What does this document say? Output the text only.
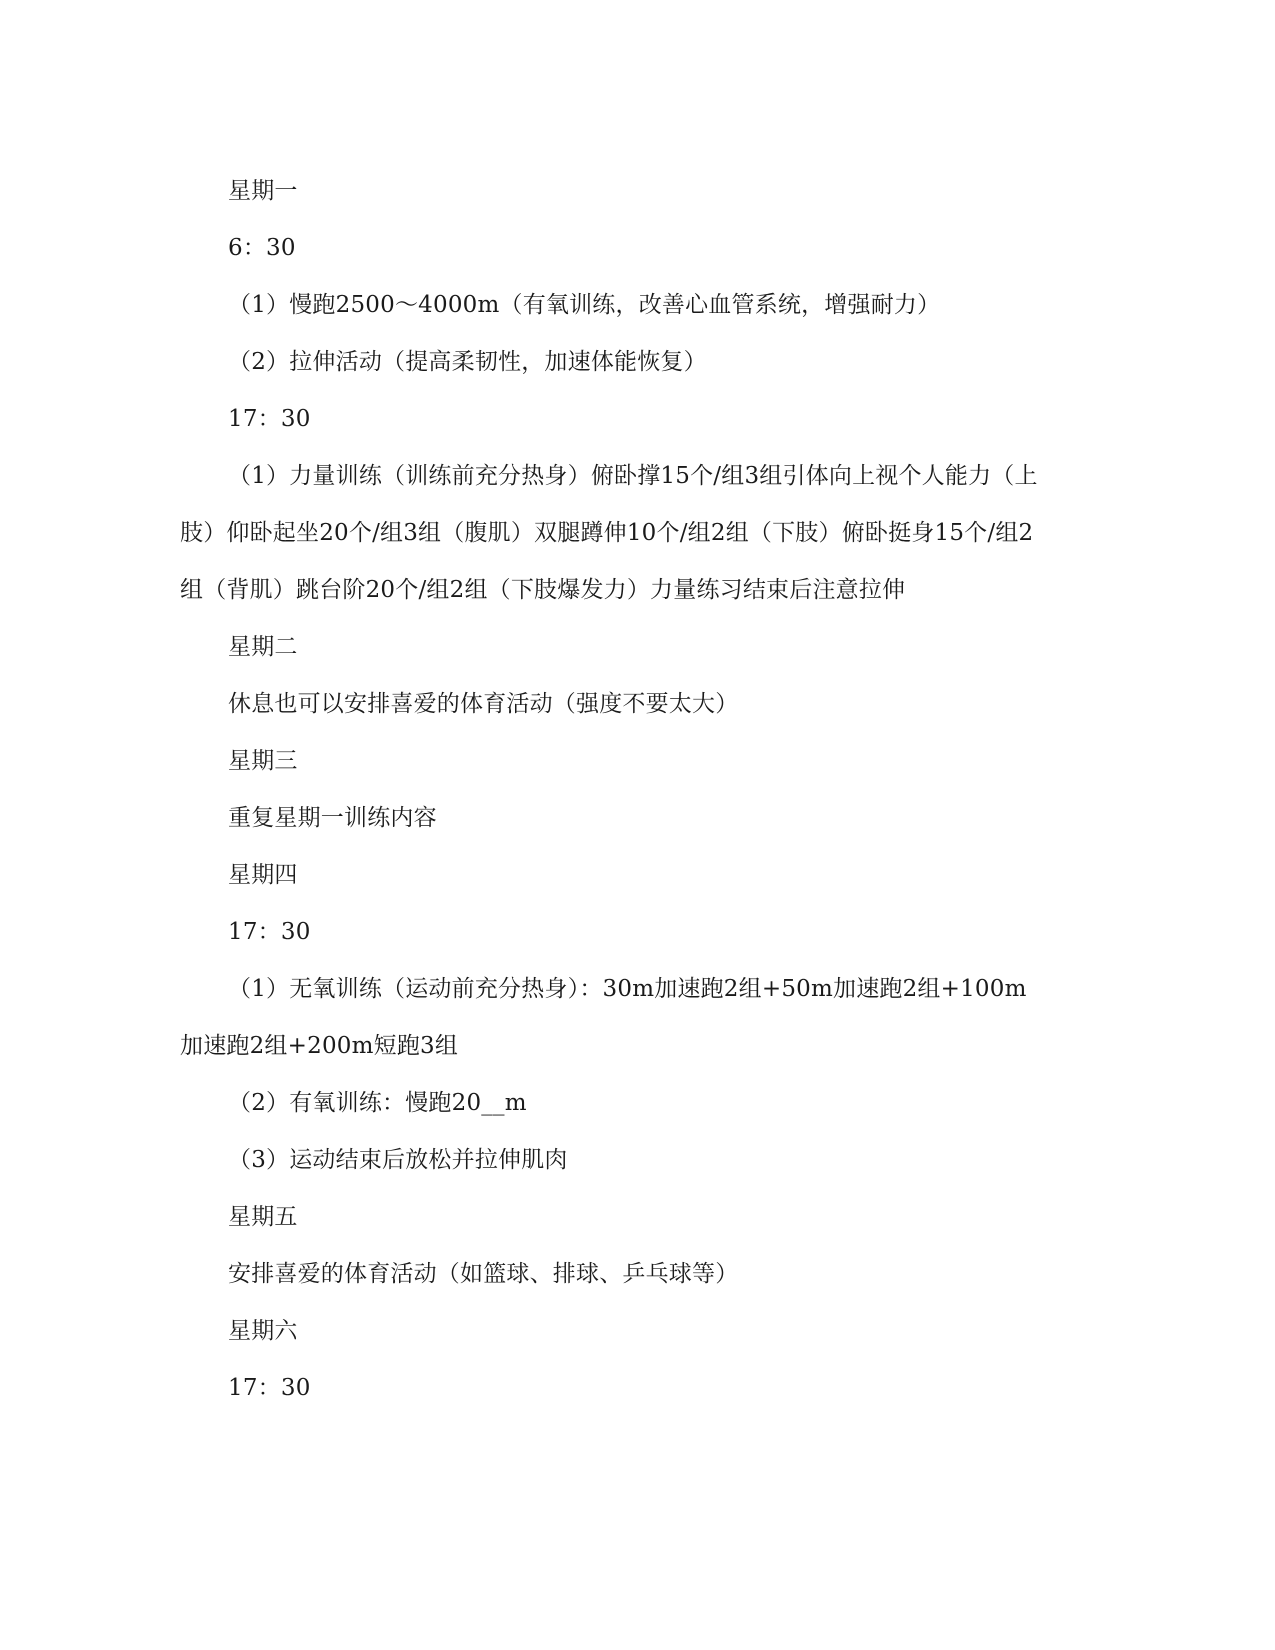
星期一

6：30

（1）慢跑2500～4000m（有氧训练，改善心血管系统，增强耐力）

（2）拉伸活动（提高柔韧性，加速体能恢复）

17：30

（1）力量训练（训练前充分热身）俯卧撑15个/组3组引体向上视个人能力（上肢）仰卧起坐20个/组3组（腹肌）双腿蹲伸10个/组2组（下肢）俯卧挺身15个/组2组（背肌）跳台阶20个/组2组（下肢爆发力）力量练习结束后注意拉伸

星期二

休息也可以安排喜爱的体育活动（强度不要太大）

星期三

重复星期一训练内容

星期四

17：30

（1）无氧训练（运动前充分热身）：30m加速跑2组+50m加速跑2组+100m加速跑2组+200m短跑3组

（2）有氧训练：慢跑20__m

（3）运动结束后放松并拉伸肌肉

星期五

安排喜爱的体育活动（如篮球、排球、乒乓球等）

星期六

17：30
